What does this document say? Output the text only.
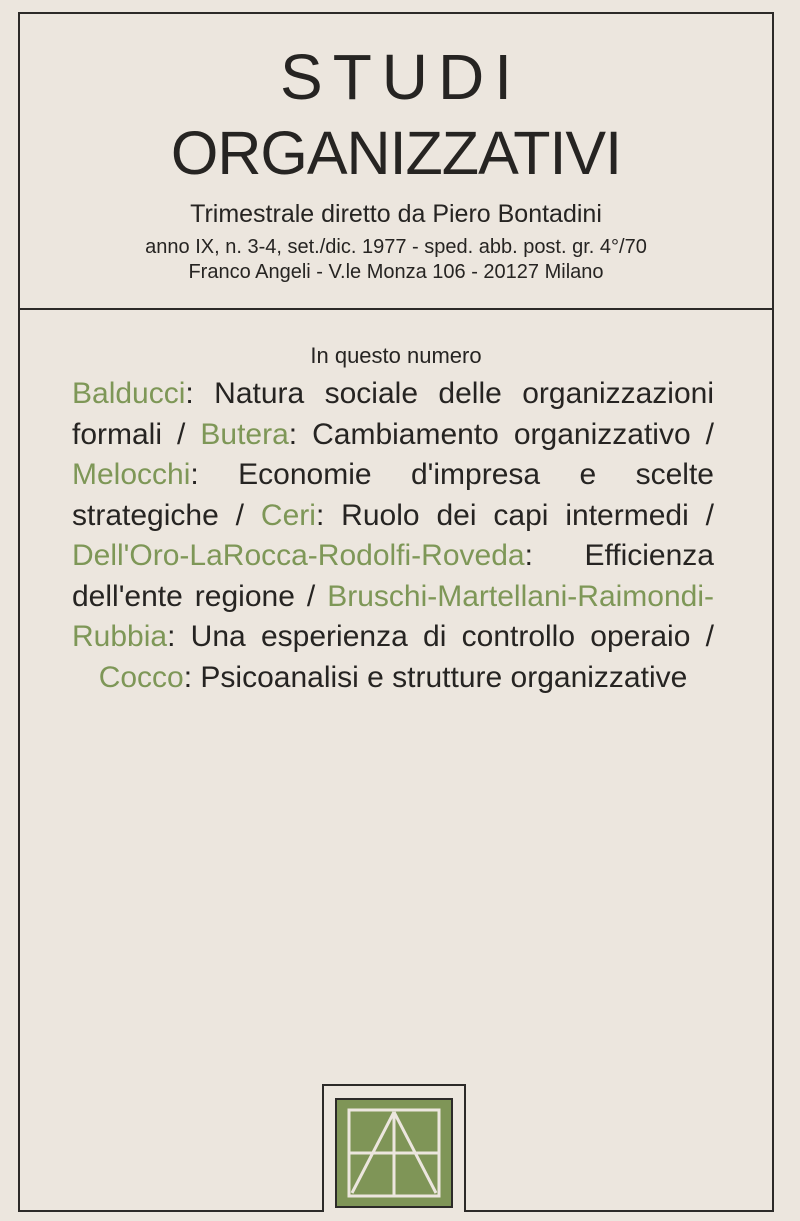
STUDI
ORGANIZZATIVI
Trimestrale diretto da Piero Bontadini
anno IX, n. 3-4, set./dic. 1977 - sped. abb. post. gr. 4°/70
Franco Angeli - V.le Monza 106 - 20127 Milano
In questo numero
Balducci: Natura sociale delle organizzazioni formali / Butera: Cambiamento organizzativo / Melocchi: Economie d'impresa e scelte strategiche / Ceri: Ruolo dei capi intermedi / Dell'Oro-LaRocca-Rodolfi-Roveda: Efficienza dell'ente regione / Bruschi-Martellani-Raimondi-Rubbia: Una esperienza di controllo operaio / Cocco: Psicoanalisi e strutture organizzative
